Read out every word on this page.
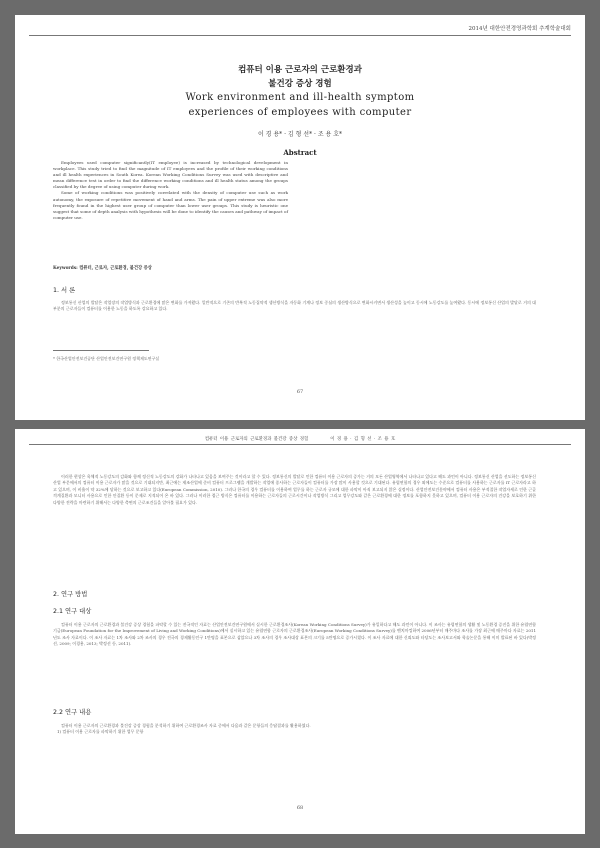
2014년 대한안전경영과학회 추계학술대회
컴퓨터 이용 근로자의 근로환경과
불건강 증상 경험
Work environment and ill-health symptom
experiences of employees with computer
이 경 용* · 김 형 선* · 조 용 호*
Abstract

Employees used computer significantly(IT employee) is increased by technological development in workplace. This study tried to find the magnitude of IT employees and the profile of their working conditions and ill health experiences in South Korea. Korean Working Conditions Survey was used with descriptive and mean difference test in order to find the difference working conditions and ill health status among the groups classified by the degree of using computer during work.

Some of working conditions was positively correlated with the density of computer use such as work autonomy, the exposure of repetitive movement of hand and arms. The pain of upper extreme was also more frequently found in the highest user group of computer than lower user groups. This study is heuristic one suggest that some of depth analysis with hypothesis will be done to identify the causes and pathway of impact of computer use.

Keywords: 컴퓨터, 근로자, 근로환경, 불건강 증상
1. 서 론

정보통신 산업의 발달은 작업장의 작업방식과 근로환경에 많은 변화를 가져왔다. 일반적으로 기존의 반복적 노동집약적 생산방식을 자동화 기계나 정보 중심의 생산방식으로 변화시키면서 생산성을 높이고 동시에 노동강도를 높여왔다. 동시에 정보통신 산업의 발달로 거의 대부분의 근로자들이 컴퓨터를 이용한 노동을 하도록 강요하고 있다.

* 한국산업안전보건공단 산업안전보건연구원 정책제도연구실
67
컴퓨터 이용 근로자의 근로환경과 불건강 증상 경험	이 경 용 · 김 형 선 · 조 용 호

이러한 현상은 육체적 노동강도의 감화와 함께 정신적 노동강도의 강화가 나타나고 있음을 보여주는 것이라고 할 수 있다. 정보통신의 발달로 인한 컴퓨터 이용 근로자의 증가는 거의 모든 산업영역에서 나타나고 있다고 해도 과언이 아니다. 정보통신 산업을 선도하는 정보통신산업 부문에서의 컴퓨터 이용 근로자가 많을 것으로 기대되지만, 최근에는 제조산업에 준비 컴퓨터 프로그램을 개발하는 작업에 종사하는 근로자들이 컴퓨터를 가장 많이 사용할 것으로 기대된다. 유럽연합의 경우 외에도는 수준으로 컴퓨터를 사용하는 근로자를 IT 근로자라고 하고 있으며, 이 비율이 약 32%에 달하는 것으로 보고하고 있다(European Commission, 2010). 그러나 한국의 경우 컴퓨터를 이용하여 업무를 하는 근로자 규모에 대한 파악이 아직 보고되지 않은 실정이다. 산업안전보건분야에서 컴퓨터 사용은 부적절한 작업자세로 인한 근골격계질환과 모니터 사용으로 인한 안질환 등이 문제로 지적되어 온 바 있다. 그러나 이러한 접근 방식은 컴퓨터를 이용하는 근로자들의 근로시간이나 작업방식 그리고 업무강도와 같은 근로환경에 대한 정보를 포함하지 못하고 있으며, 컴퓨터 이용 근로자의 건강을 보호하기 위한 다양한 전략을 마련하기 위해서는 다양한 측면의 근로조건들을 알아볼 필요가 있다.

2. 연구 방법
2.1 연구 대상

컴퓨터 이용 근로자의 근로환경과 불건강 증상 경험을 파악할 수 있는 전국적인 자료는 산업안전보건연구원에서 실시한 근로환경조사(Korean Working Conditions Survey)가 유일하다고 해도 과언이 아니다. 이 조사는 유럽연합의 생활 및 노동환경 증진을 위한 유럽연합 기금(European Foundation for the Improvement of Living and Working Conditions)에서 실시하고 있는 유럽연합 근로자의 근로환경조사(European Working Conditions Survey)를 벤치마킹하여 2006년부터 매주마다 조사를 가장 최근에 매주마다 자료는 2011년도 조사 자료이다. 이 조사 자료는 1차 조사와 2차 조사의 경우 전국의 경제활동인구 1만명을 표본으로 삼았으나 3차 조사의 경우 조사대상 표본의 크기를 5만명으로 증가시켰다. 이 조사 자료에 대한 신뢰도와 타당도는 조사보고서와 학술논문을 통해 이미 발표된 바 있다(박정선, 2009; 이경용, 2013; 박정선 등, 2011).

2.2 연구 내용

컴퓨터 이용 근로자의 근로환경과 불건강 증상 경험을 분석하기 위하여 근로환경조사 자료 중에서 다음과 같은 문항들의 응답결과를 활용하였다.

1) 컴퓨터 이용 근로자를 파악하기 위한 업무 문항

68
